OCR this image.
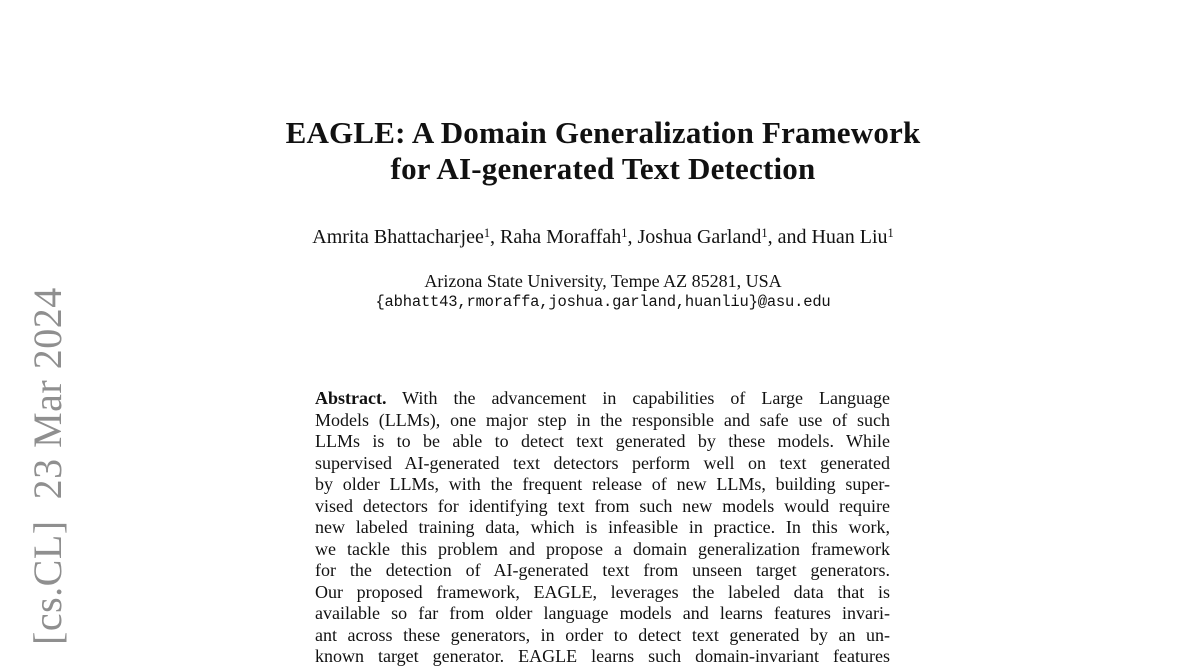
[cs.CL]  23 Mar 2024
EAGLE: A Domain Generalization Framework
for AI-generated Text Detection
Amrita Bhattacharjee$^1$, Raha Moraffah$^1$, Joshua Garland$^1$, and Huan Liu$^1$
Arizona State University, Tempe AZ 85281, USA
{abhatt43,rmoraffa,joshua.garland,huanliu}@asu.edu
Abstract. With the advancement in capabilities of Large Language
Models (LLMs), one major step in the responsible and safe use of such
LLMs is to be able to detect text generated by these models. While
supervised AI-generated text detectors perform well on text generated
by older LLMs, with the frequent release of new LLMs, building super-
vised detectors for identifying text from such new models would require
new labeled training data, which is infeasible in practice. In this work,
we tackle this problem and propose a domain generalization framework
for the detection of AI-generated text from unseen target generators.
Our proposed framework, EAGLE, leverages the labeled data that is
available so far from older language models and learns features invari-
ant across these generators, in order to detect text generated by an un-
known target generator. EAGLE learns such domain-invariant features
